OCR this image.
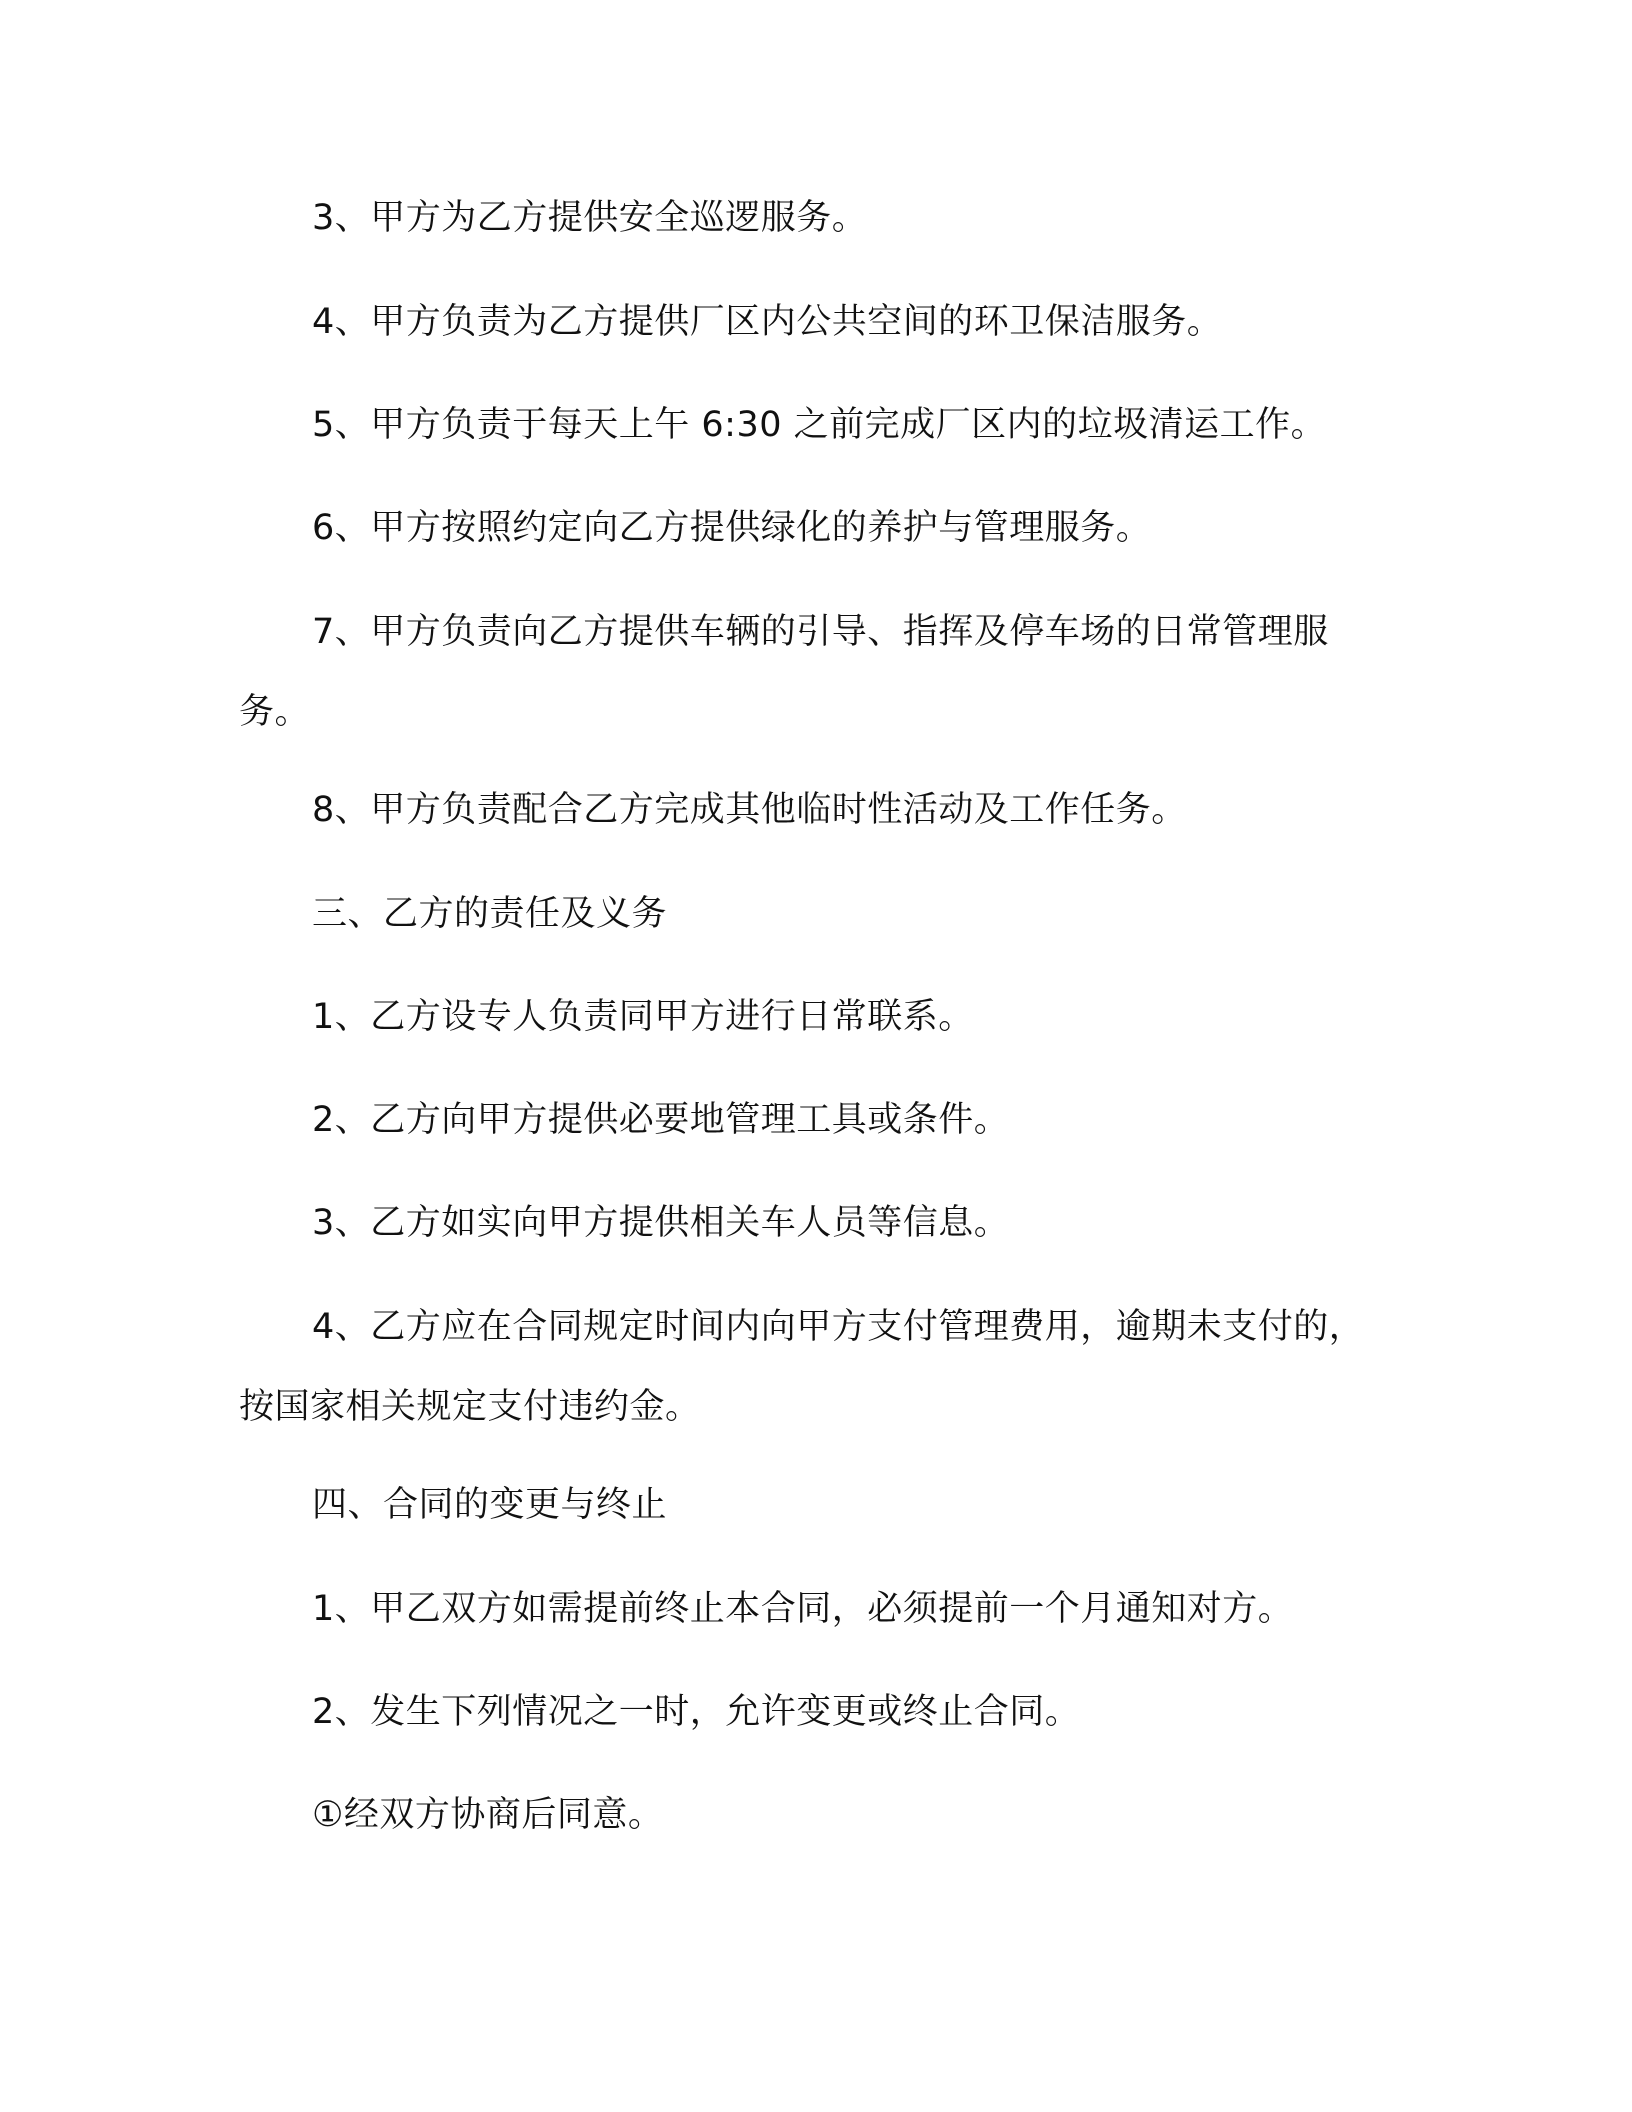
3、甲方为乙方提供安全巡逻服务。

4、甲方负责为乙方提供厂区内公共空间的环卫保洁服务。

5、甲方负责于每天上午 6:30 之前完成厂区内的垃圾清运工作。

6、甲方按照约定向乙方提供绿化的养护与管理服务。

7、甲方负责向乙方提供车辆的引导、指挥及停车场的日常管理服

务。

8、甲方负责配合乙方完成其他临时性活动及工作任务。

三、乙方的责任及义务

1、乙方设专人负责同甲方进行日常联系。

2、乙方向甲方提供必要地管理工具或条件。

3、乙方如实向甲方提供相关车人员等信息。

4、乙方应在合同规定时间内向甲方支付管理费用，逾期未支付的，

按国家相关规定支付违约金。

四、合同的变更与终止

1、甲乙双方如需提前终止本合同，必须提前一个月通知对方。

2、发生下列情况之一时，允许变更或终止合同。

①经双方协商后同意。
